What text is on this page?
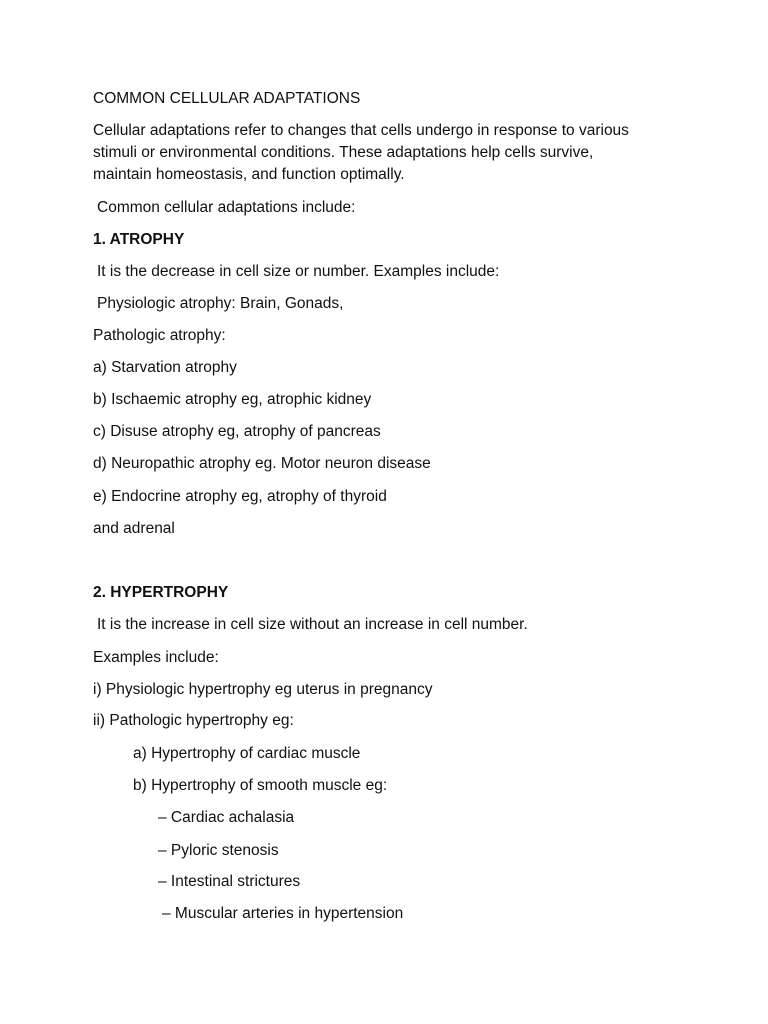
COMMON CELLULAR ADAPTATIONS
Cellular adaptations refer to changes that cells undergo in response to various
stimuli or environmental conditions. These adaptations help cells survive,
maintain homeostasis, and function optimally.
Common cellular adaptations include:
1. ATROPHY
It is the decrease in cell size or number. Examples include:
Physiologic atrophy: Brain, Gonads,
Pathologic atrophy:
a) Starvation atrophy
b) Ischaemic atrophy eg, atrophic kidney
c) Disuse atrophy eg, atrophy of pancreas
d) Neuropathic atrophy eg. Motor neuron disease
e) Endocrine atrophy eg, atrophy of thyroid
and adrenal
2. HYPERTROPHY
It is the increase in cell size without an increase in cell number.
Examples include:
i) Physiologic hypertrophy eg uterus in pregnancy
ii) Pathologic hypertrophy eg:
a) Hypertrophy of cardiac muscle
b) Hypertrophy of smooth muscle eg:
– Cardiac achalasia
– Pyloric stenosis
– Intestinal strictures
– Muscular arteries in hypertension
